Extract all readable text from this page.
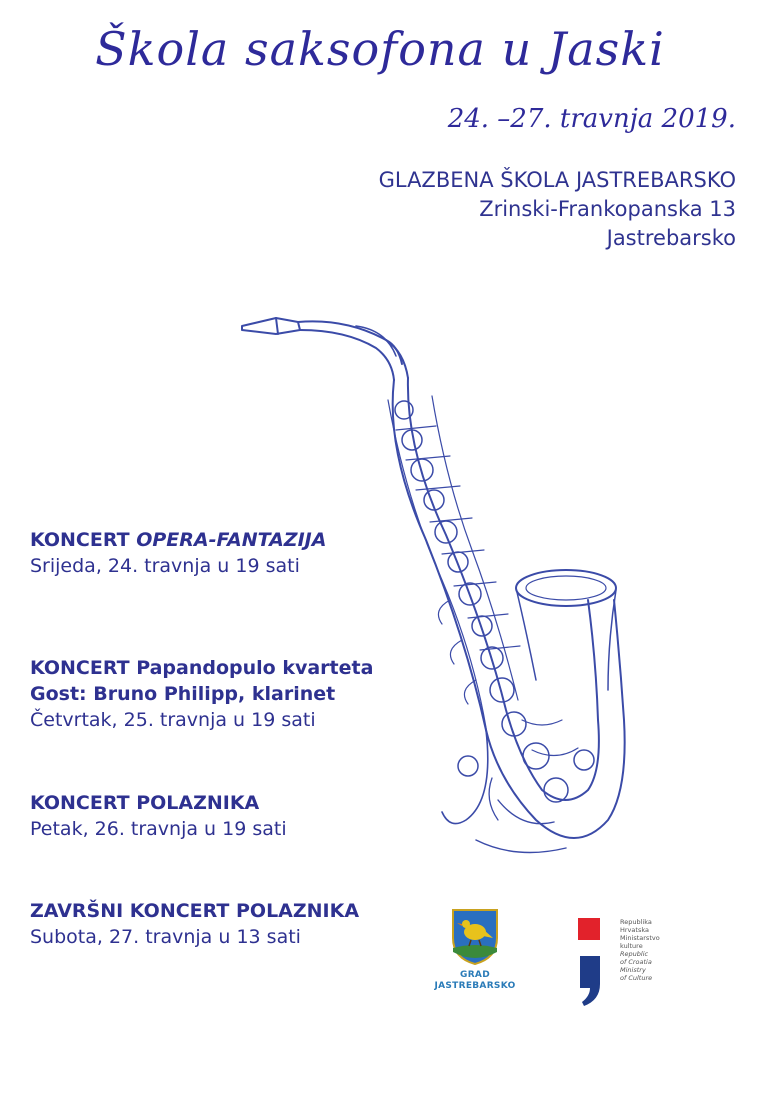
Škola saksofona u Jaski
24. –27. travnja 2019.
GLAZBENA ŠKOLA JASTREBARSKO
Zrinski-Frankopanska 13
Jastrebarsko
KONCERT OPERA-FANTAZIJA
Srijeda, 24. travnja u 19 sati
KONCERT Papandopulo kvarteta
Gost: Bruno Philipp, klarinet
Četvrtak, 25. travnja u 19 sati
KONCERT POLAZNIKA
Petak, 26. travnja u 19 sati
ZAVRŠNI KONCERT POLAZNIKA
Subota, 27. travnja u 13 sati
GRAD
JASTREBARSKO
Republika
Hrvatska
Ministarstvo
kulture
Republic
of Croatia
Ministry
of Culture
